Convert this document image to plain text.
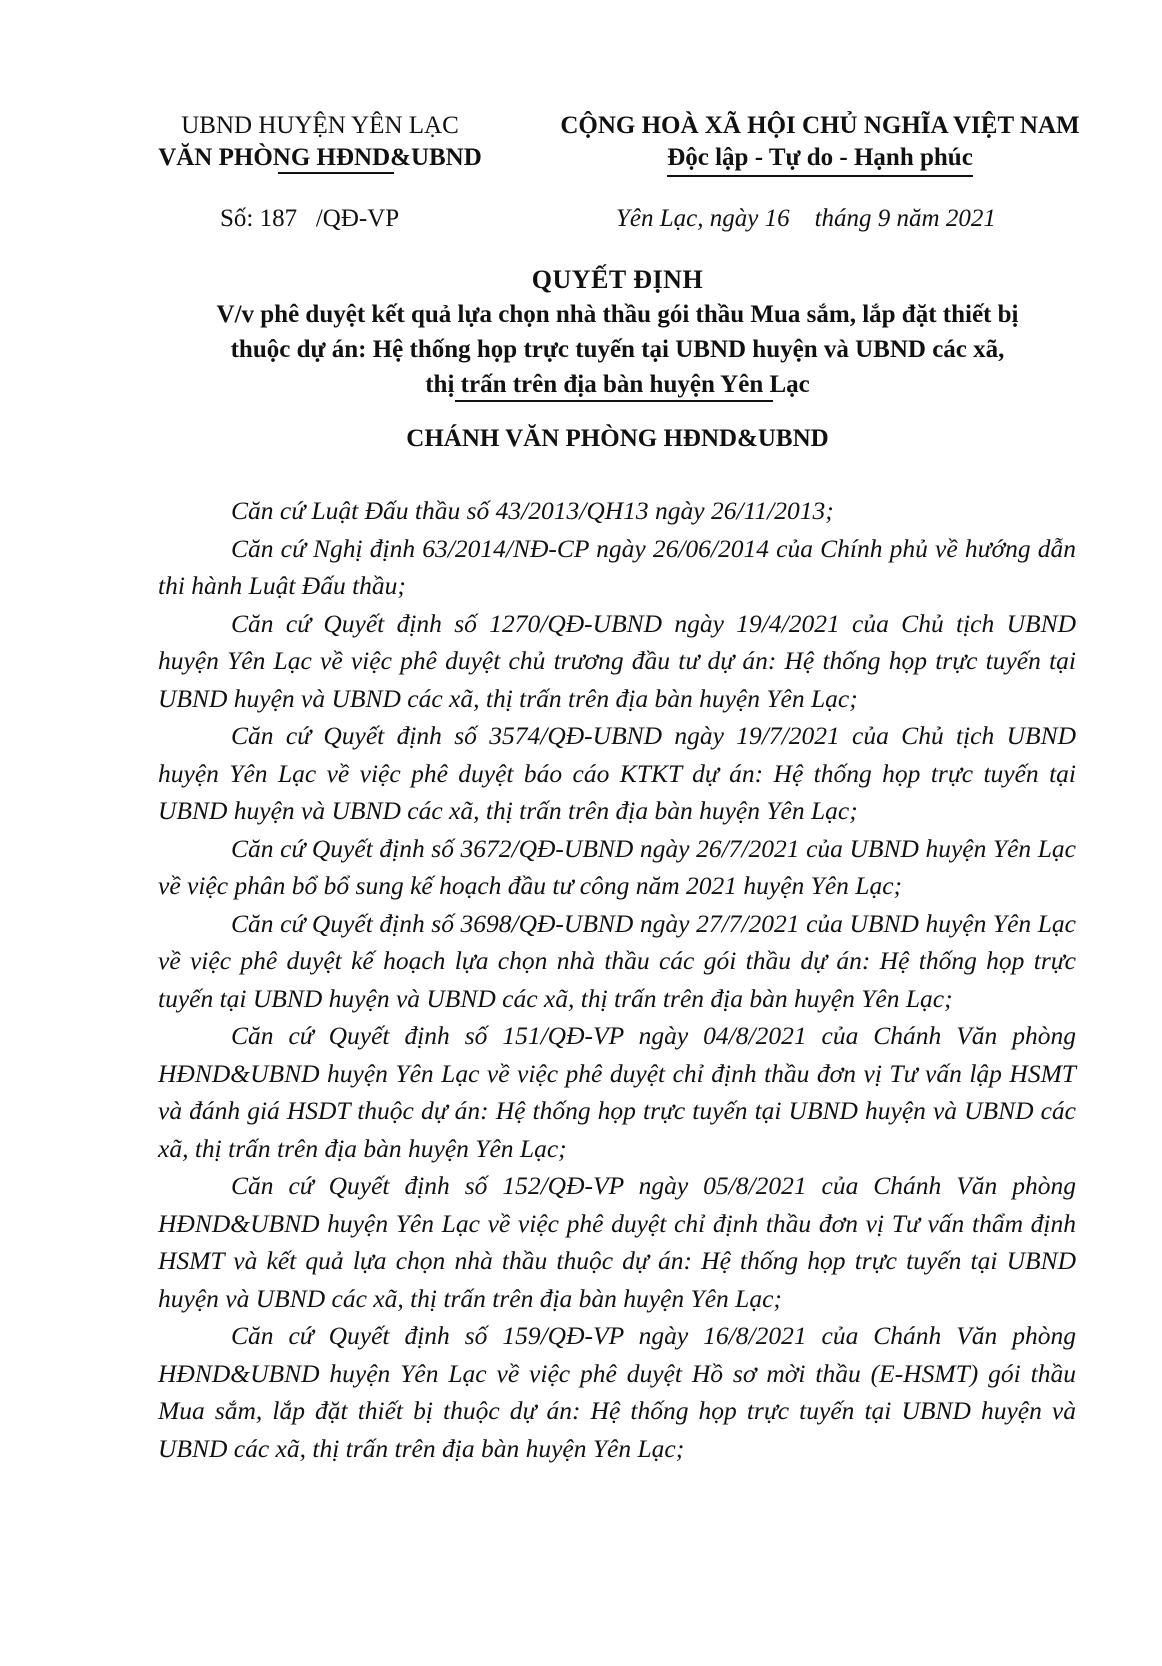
UBND HUYỆN YÊN LẠC
VĂN PHÒNG HĐND&UBND
CỘNG HOÀ XÃ HỘI CHỦ NGHĨA VIỆT NAM
Độc lập - Tự do - Hạnh phúc
Số: 187   /QĐ-VP	Yên Lạc, ngày 16    tháng 9 năm 2021
QUYẾT ĐỊNH
V/v phê duyệt kết quả lựa chọn nhà thầu gói thầu Mua sắm, lắp đặt thiết bị
thuộc dự án: Hệ thống họp trực tuyến tại UBND huyện và UBND các xã,
thị trấn trên địa bàn huyện Yên Lạc
CHÁNH VĂN PHÒNG HĐND&UBND

Căn cứ Luật Đấu thầu số 43/2013/QH13 ngày 26/11/2013;

Căn cứ Nghị định 63/2014/NĐ-CP ngày 26/06/2014 của Chính phủ về hướng dẫn thi hành Luật Đấu thầu;

Căn cứ Quyết định số 1270/QĐ-UBND ngày 19/4/2021 của Chủ tịch UBND huyện Yên Lạc về việc phê duyệt chủ trương đầu tư dự án: Hệ thống họp trực tuyến tại UBND huyện và UBND các xã, thị trấn trên địa bàn huyện Yên Lạc;

Căn cứ Quyết định số 3574/QĐ-UBND ngày 19/7/2021 của Chủ tịch UBND huyện Yên Lạc về việc phê duyệt báo cáo KTKT dự án: Hệ thống họp trực tuyến tại UBND huyện và UBND các xã, thị trấn trên địa bàn huyện Yên Lạc;

Căn cứ Quyết định số 3672/QĐ-UBND ngày 26/7/2021 của UBND huyện Yên Lạc về việc phân bổ bổ sung kế hoạch đầu tư công năm 2021 huyện Yên Lạc;

Căn cứ Quyết định số 3698/QĐ-UBND ngày 27/7/2021 của UBND huyện Yên Lạc về việc phê duyệt kế hoạch lựa chọn nhà thầu các gói thầu dự án: Hệ thống họp trực tuyến tại UBND huyện và UBND các xã, thị trấn trên địa bàn huyện Yên Lạc;

Căn cứ Quyết định số 151/QĐ-VP ngày 04/8/2021 của Chánh Văn phòng HĐND&UBND huyện Yên Lạc về việc phê duyệt chỉ định thầu đơn vị Tư vấn lập HSMT và đánh giá HSDT thuộc dự án: Hệ thống họp trực tuyến tại UBND huyện và UBND các xã, thị trấn trên địa bàn huyện Yên Lạc;

Căn cứ Quyết định số 152/QĐ-VP ngày 05/8/2021 của Chánh Văn phòng HĐND&UBND huyện Yên Lạc về việc phê duyệt chỉ định thầu đơn vị Tư vấn thẩm định HSMT và kết quả lựa chọn nhà thầu thuộc dự án: Hệ thống họp trực tuyến tại UBND huyện và UBND các xã, thị trấn trên địa bàn huyện Yên Lạc;

Căn cứ Quyết định số 159/QĐ-VP ngày 16/8/2021 của Chánh Văn phòng HĐND&UBND huyện Yên Lạc về việc phê duyệt Hồ sơ mời thầu (E-HSMT) gói thầu Mua sắm, lắp đặt thiết bị thuộc dự án: Hệ thống họp trực tuyến tại UBND huyện và UBND các xã, thị trấn trên địa bàn huyện Yên Lạc;
